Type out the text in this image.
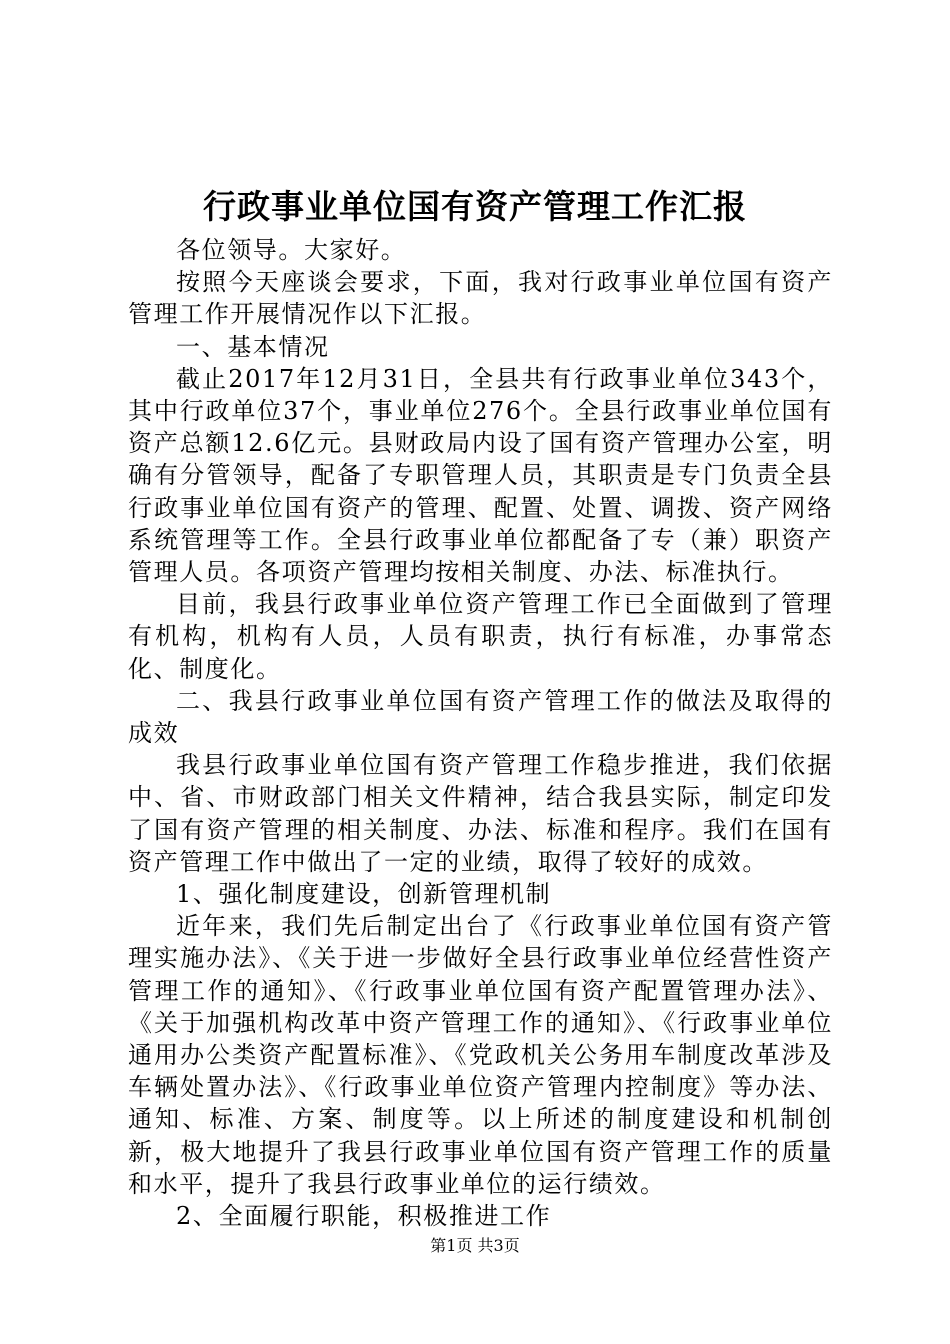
行政事业单位国有资产管理工作汇报

各位领导。大家好。

按照今天座谈会要求，下面，我对行政事业单位国有资产管理工作开展情况作以下汇报。

一、基本情况

截止2017年12月31日，全县共有行政事业单位343个，其中行政单位37个，事业单位276个。全县行政事业单位国有资产总额12.6亿元。县财政局内设了国有资产管理办公室，明确有分管领导，配备了专职管理人员，其职责是专门负责全县行政事业单位国有资产的管理、配置、处置、调拨、资产网络系统管理等工作。全县行政事业单位都配备了专（兼）职资产管理人员。各项资产管理均按相关制度、办法、标准执行。

目前，我县行政事业单位资产管理工作已全面做到了管理有机构，机构有人员，人员有职责，执行有标准，办事常态化、制度化。

二、我县行政事业单位国有资产管理工作的做法及取得的成效

我县行政事业单位国有资产管理工作稳步推进，我们依据中、省、市财政部门相关文件精神，结合我县实际，制定印发了国有资产管理的相关制度、办法、标准和程序。我们在国有资产管理工作中做出了一定的业绩，取得了较好的成效。

1、强化制度建设，创新管理机制

近年来，我们先后制定出台了《行政事业单位国有资产管理实施办法》、《关于进一步做好全县行政事业单位经营性资产管理工作的通知》、《行政事业单位国有资产配置管理办法》、《关于加强机构改革中资产管理工作的通知》、《行政事业单位通用办公类资产配置标准》、《党政机关公务用车制度改革涉及车辆处置办法》、《行政事业单位资产管理内控制度》等办法、通知、标准、方案、制度等。以上所述的制度建设和机制创新，极大地提升了我县行政事业单位国有资产管理工作的质量和水平，提升了我县行政事业单位的运行绩效。

2、全面履行职能，积极推进工作

第1页 共3页
